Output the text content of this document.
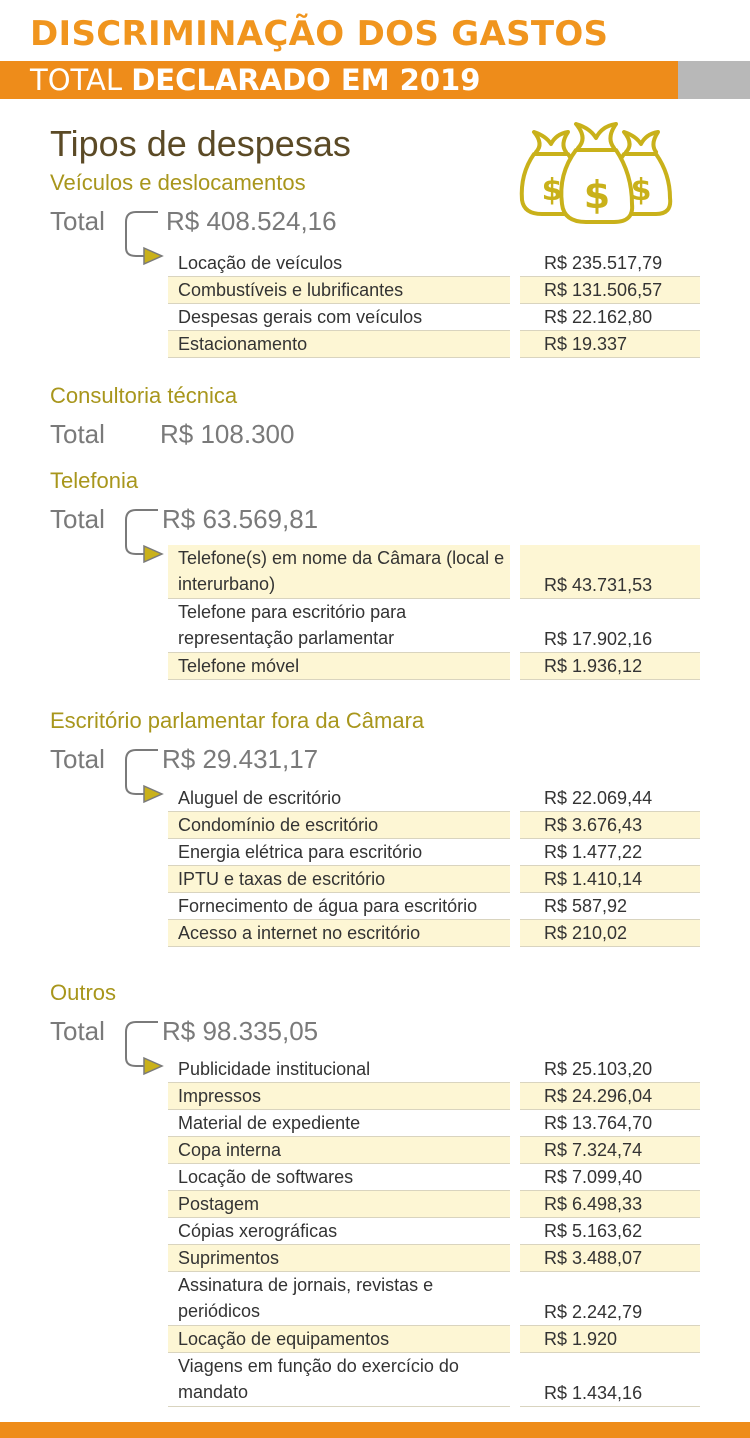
DISCRIMINAÇÃO DOS GASTOS
TOTAL DECLARADO EM 2019
Tipos de despesas
$ $
$
Veículos e deslocamentos
Total R$ 408.524,16
Locação de veículos	R$ 235.517,79
Combustíveis e lubrificantes	R$ 131.506,57
Despesas gerais com veículos	R$ 22.162,80
Estacionamento	R$ 19.337
Consultoria técnica
Total R$ 108.300
Telefonia
Total R$ 63.569,81
Telefone(s) em nome da Câmara (local e interurbano)	R$ 43.731,53
Telefone para escritório para representação parlamentar	R$ 17.902,16
Telefone móvel	R$ 1.936,12
Escritório parlamentar fora da Câmara
Total R$ 29.431,17
Aluguel de escritório	R$ 22.069,44
Condomínio de escritório	R$ 3.676,43
Energia elétrica para escritório	R$ 1.477,22
IPTU e taxas de escritório	R$ 1.410,14
Fornecimento de água para escritório	R$ 587,92
Acesso a internet no escritório	R$ 210,02
Outros
Total R$ 98.335,05
Publicidade institucional	R$ 25.103,20
Impressos	R$ 24.296,04
Material de expediente	R$ 13.764,70
Copa interna	R$ 7.324,74
Locação de softwares	R$ 7.099,40
Postagem	R$ 6.498,33
Cópias xerográficas	R$ 5.163,62
Suprimentos	R$ 3.488,07
Assinatura de jornais, revistas e periódicos	R$ 2.242,79
Locação de equipamentos	R$ 1.920
Viagens em função do exercício do mandato	R$ 1.434,16
